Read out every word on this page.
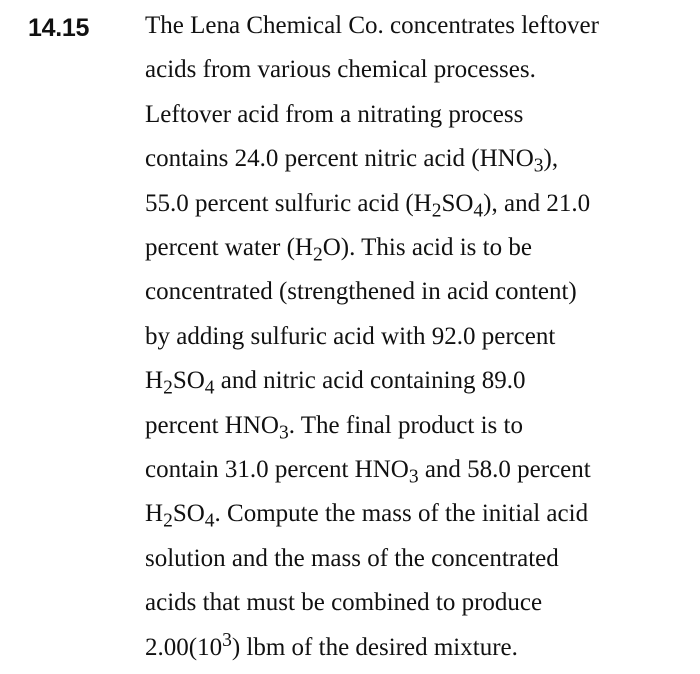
14.15 The Lena Chemical Co. concentrates leftover
acids from various chemical processes.
Leftover acid from a nitrating process
contains 24.0 percent nitric acid $(HNO_3)$,
55.0 percent sulfuric acid $(H_2SO_4)$, and 21.0
percent water $(H_2O)$. This acid is to be
concentrated (strengthened in acid content)
by adding sulfuric acid with 92.0 percent
$H_2SO_4$ and nitric acid containing 89.0
percent $HNO_3$. The final product is to
contain 31.0 percent $HNO_3$ and 58.0 percent
$H_2SO_4$. Compute the mass of the initial acid
solution and the mass of the concentrated
acids that must be combined to produce
$2.00(10^3)$ lbm of the desired mixture.
